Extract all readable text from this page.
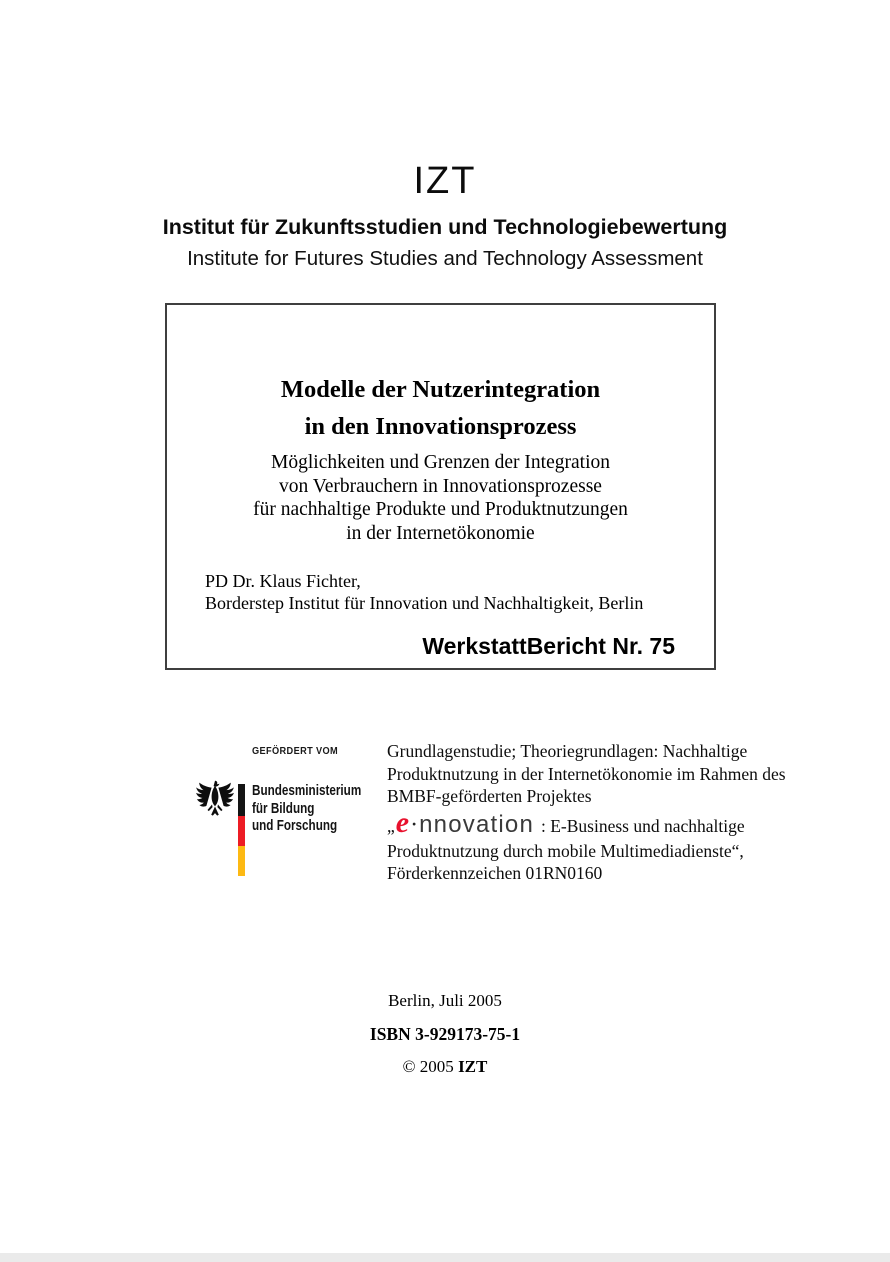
IZT
Institut für Zukunftsstudien und Technologiebewertung
Institute for Futures Studies and Technology Assessment
Modelle der Nutzerintegration
in den Innovationsprozess
Möglichkeiten und Grenzen der Integration
von Verbrauchern in Innovationsprozesse
für nachhaltige Produkte und Produktnutzungen
in der Internetökonomie
PD Dr. Klaus Fichter,
Borderstep Institut für Innovation und Nachhaltigkeit, Berlin
WerkstattBericht Nr. 75
GEFÖRDERT VOM
Bundesministerium
für Bildung
und Forschung
Grundlagenstudie; Theoriegrundlagen: Nachhaltige
Produktnutzung in der Internetökonomie im Rahmen des
BMBF-geförderten Projektes
„ e · nnovation : E-Business und nachhaltige
Produktnutzung durch mobile Multimediadienste“,
Förderkennzeichen 01RN0160
Berlin, Juli 2005
ISBN 3-929173-75-1
© 2005 IZT
